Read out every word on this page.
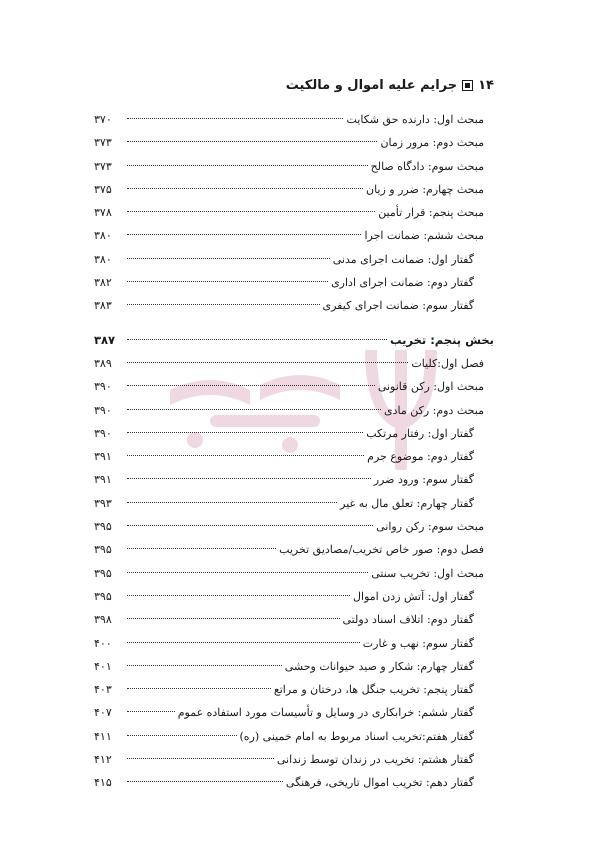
۱۴
جرایم علیه اموال و مالکیت
مبحث اول: دارنده حق شکایت
۳۷۰
مبحث دوم: مرور زمان
۳۷۳
مبحث سوم: دادگاه صالح
۳۷۳
مبحث چهارم: ضرر و زیان
۳۷۵
مبحث پنجم: قرار تأمین
۳۷۸
مبحث ششم: ضمانت اجرا
۳۸۰
گفتار اول: ضمانت اجرای مدنی
۳۸۰
گفتار دوم: ضمانت اجرای اداری
۳۸۲
گفتار سوم: ضمانت اجرای کیفری
۳۸۳
بخش پنجم: تخریب
۳۸۷
فصل اول:کلیات
۳۸۹
مبحث اول: رکن قانونی
۳۹۰
مبحث دوم: رکن مادی
۳۹۰
گفتار اول: رفتار مرتکب
۳۹۰
گفتار دوم: موضوع جرم
۳۹۱
گفتار سوم: ورود ضرر
۳۹۱
گفتار چهارم: تعلق مال به غیر
۳۹۳
مبحث سوم: رکن روانی
۳۹۵
فصل دوم: صور خاص تخریب/مصادیق تخریب
۳۹۵
مبحث اول: تخریب سنتی
۳۹۵
گفتار اول: آتش زدن اموال
۳۹۵
گفتار دوم: اتلاف اسناد دولتی
۳۹۸
گفتار سوم: نهب و غارت
۴۰۰
گفتار چهارم: شکار و صید حیوانات وحشی
۴۰۱
گفتار پنجم: تخریب جنگل ها، درختان و مراتع
۴۰۳
گفتار ششم: خرابکاری در وسایل و تأسیسات مورد استفاده عموم
۴۰۷
گفتار هفتم:تخریب اسناد مربوط به امام خمینی (ره)
۴۱۱
گفتار هشتم: تخریب در زندان توسط زندانی
۴۱۲
گفتار دهم: تخریب اموال تاریخی، فرهنگی
۴۱۵
